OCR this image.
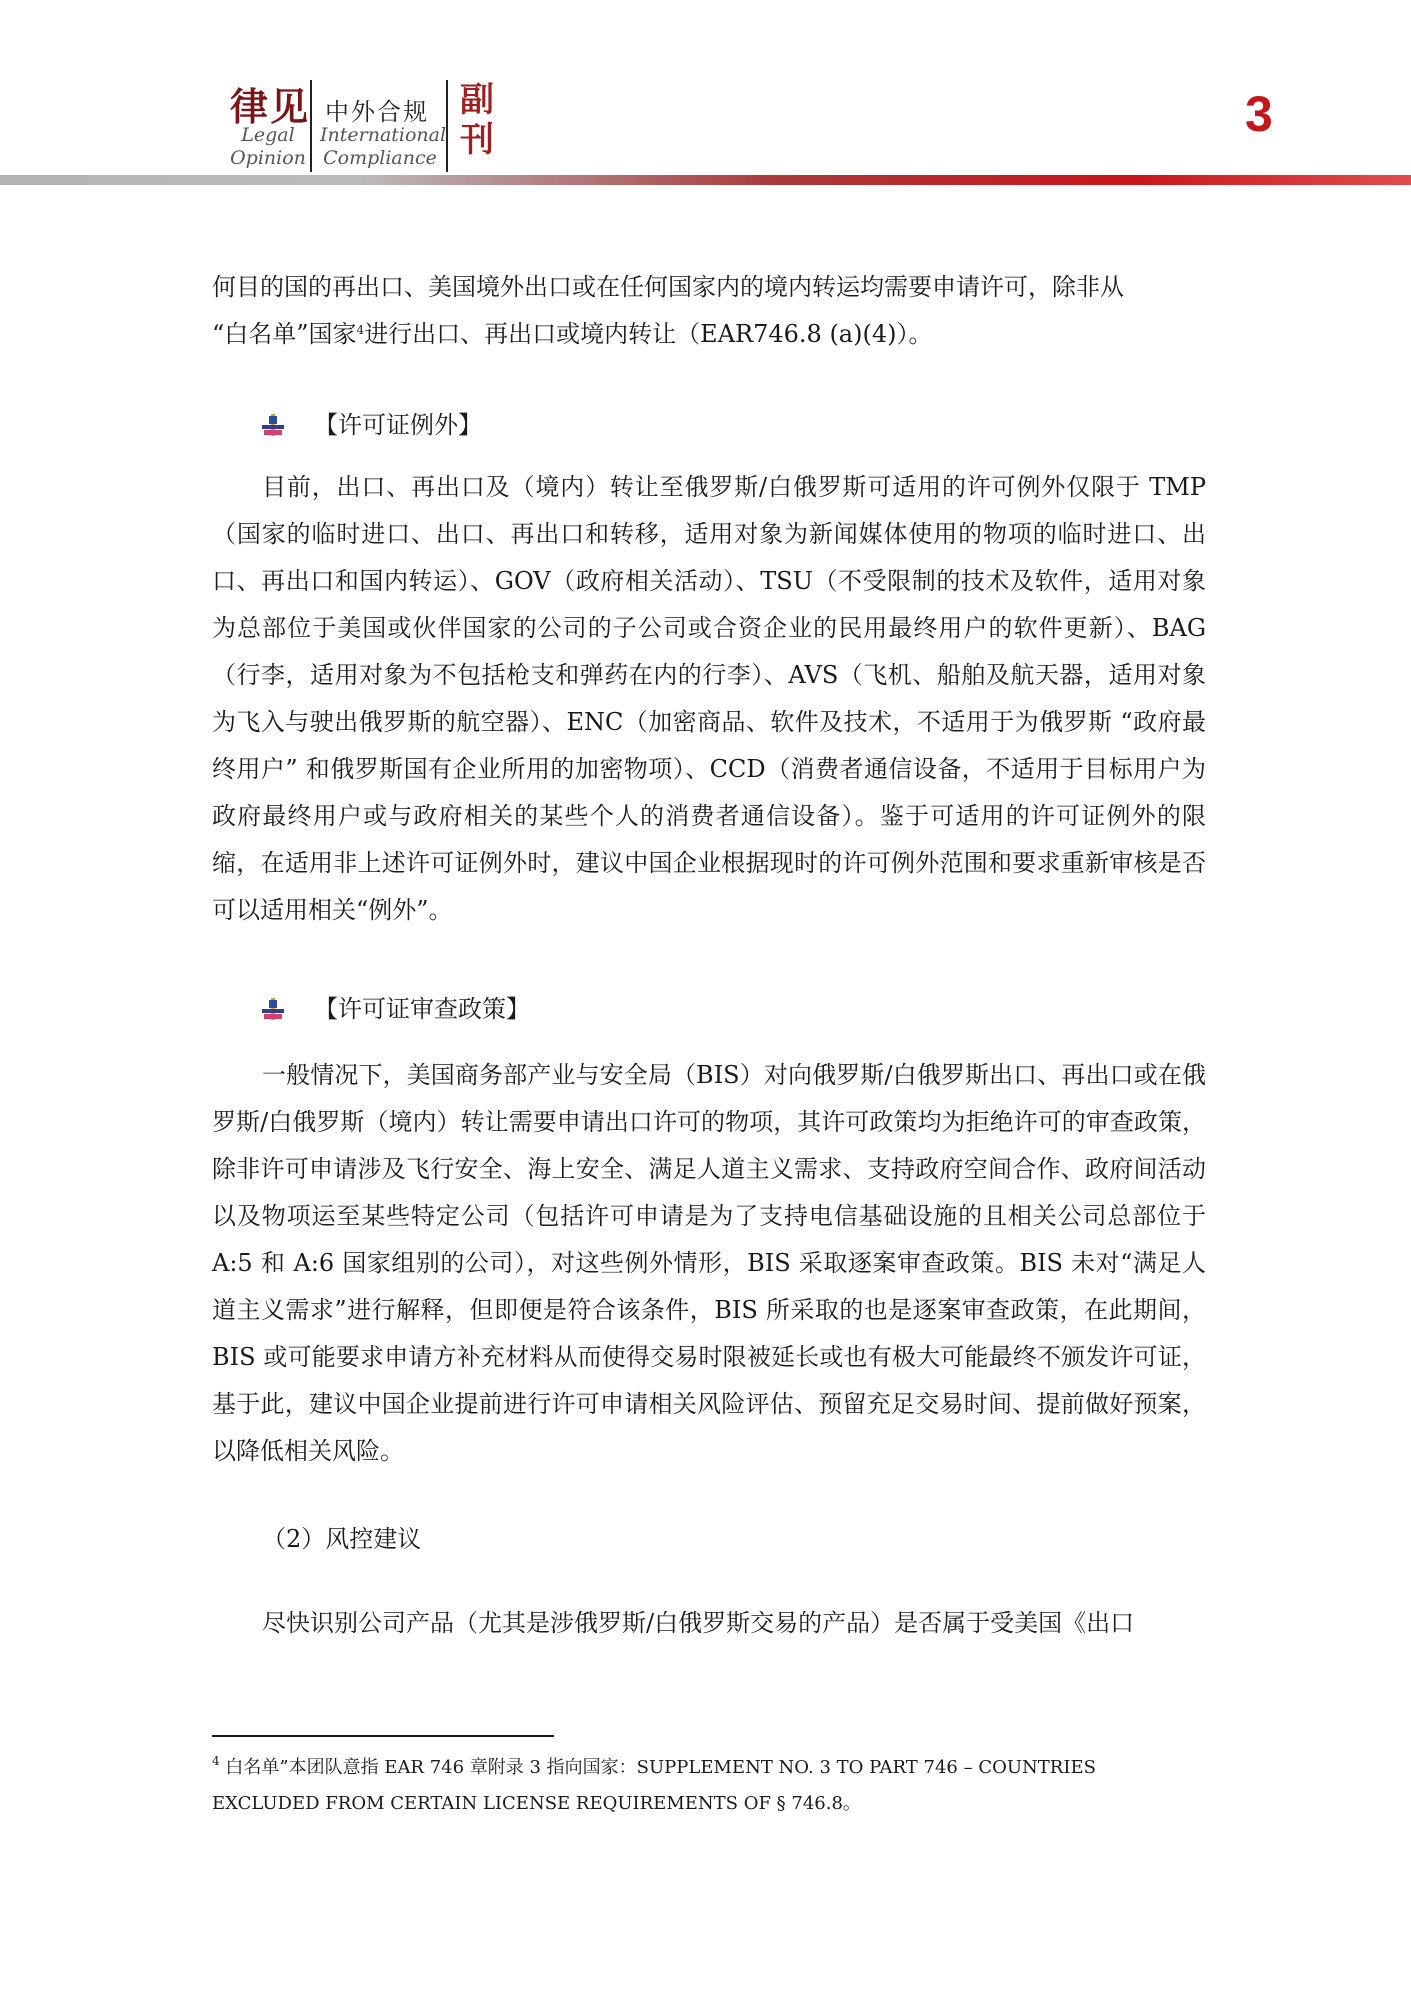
律见
Legal
Opinion
中外合规
International
Compliance
副刊	3

何目的国的再出口、美国境外出口或在任何国家内的境内转运均需要申请许可，除非从
“白名单”国家$^4$进行出口、再出口或境内转让（EAR746.8 (a)(4)）。

【许可证例外】

目前，出口、再出口及（境内）转让至俄罗斯/白俄罗斯可适用的许可例外仅限于 TMP（国家的临时进口、出口、再出口和转移，适用对象为新闻媒体使用的物项的临时进口、出口、再出口和国内转运）、GOV（政府相关活动）、TSU（不受限制的技术及软件，适用对象为总部位于美国或伙伴国家的公司的子公司或合资企业的民用最终用户的软件更新）、BAG（行李，适用对象为不包括枪支和弹药在内的行李）、AVS（飞机、船舶及航天器，适用对象为飞入与驶出俄罗斯的航空器）、ENC（加密商品、软件及技术，不适用于为俄罗斯 “政府最终用户” 和俄罗斯国有企业所用的加密物项）、CCD（消费者通信设备，不适用于目标用户为政府最终用户或与政府相关的某些个人的消费者通信设备）。鉴于可适用的许可证例外的限缩，在适用非上述许可证例外时，建议中国企业根据现时的许可例外范围和要求重新审核是否可以适用相关“例外”。

【许可证审查政策】

一般情况下，美国商务部产业与安全局（BIS）对向俄罗斯/白俄罗斯出口、再出口或在俄罗斯/白俄罗斯（境内）转让需要申请出口许可的物项，其许可政策均为拒绝许可的审查政策，除非许可申请涉及飞行安全、海上安全、满足人道主义需求、支持政府空间合作、政府间活动以及物项运至某些特定公司（包括许可申请是为了支持电信基础设施的且相关公司总部位于 A:5 和 A:6 国家组别的公司），对这些例外情形，BIS 采取逐案审查政策。BIS 未对“满足人道主义需求”进行解释，但即便是符合该条件，BIS 所采取的也是逐案审查政策，在此期间，BIS 或可能要求申请方补充材料从而使得交易时限被延长或也有极大可能最终不颁发许可证，基于此，建议中国企业提前进行许可申请相关风险评估、预留充足交易时间、提前做好预案，以降低相关风险。

（2）风控建议

尽快识别公司产品（尤其是涉俄罗斯/白俄罗斯交易的产品）是否属于受美国《出口

$^4$ 白名单”本团队意指 EAR 746 章附录 3 指向国家：SUPPLEMENT NO. 3 TO PART 746 – COUNTRIES EXCLUDED FROM CERTAIN LICENSE REQUIREMENTS OF § 746.8。
